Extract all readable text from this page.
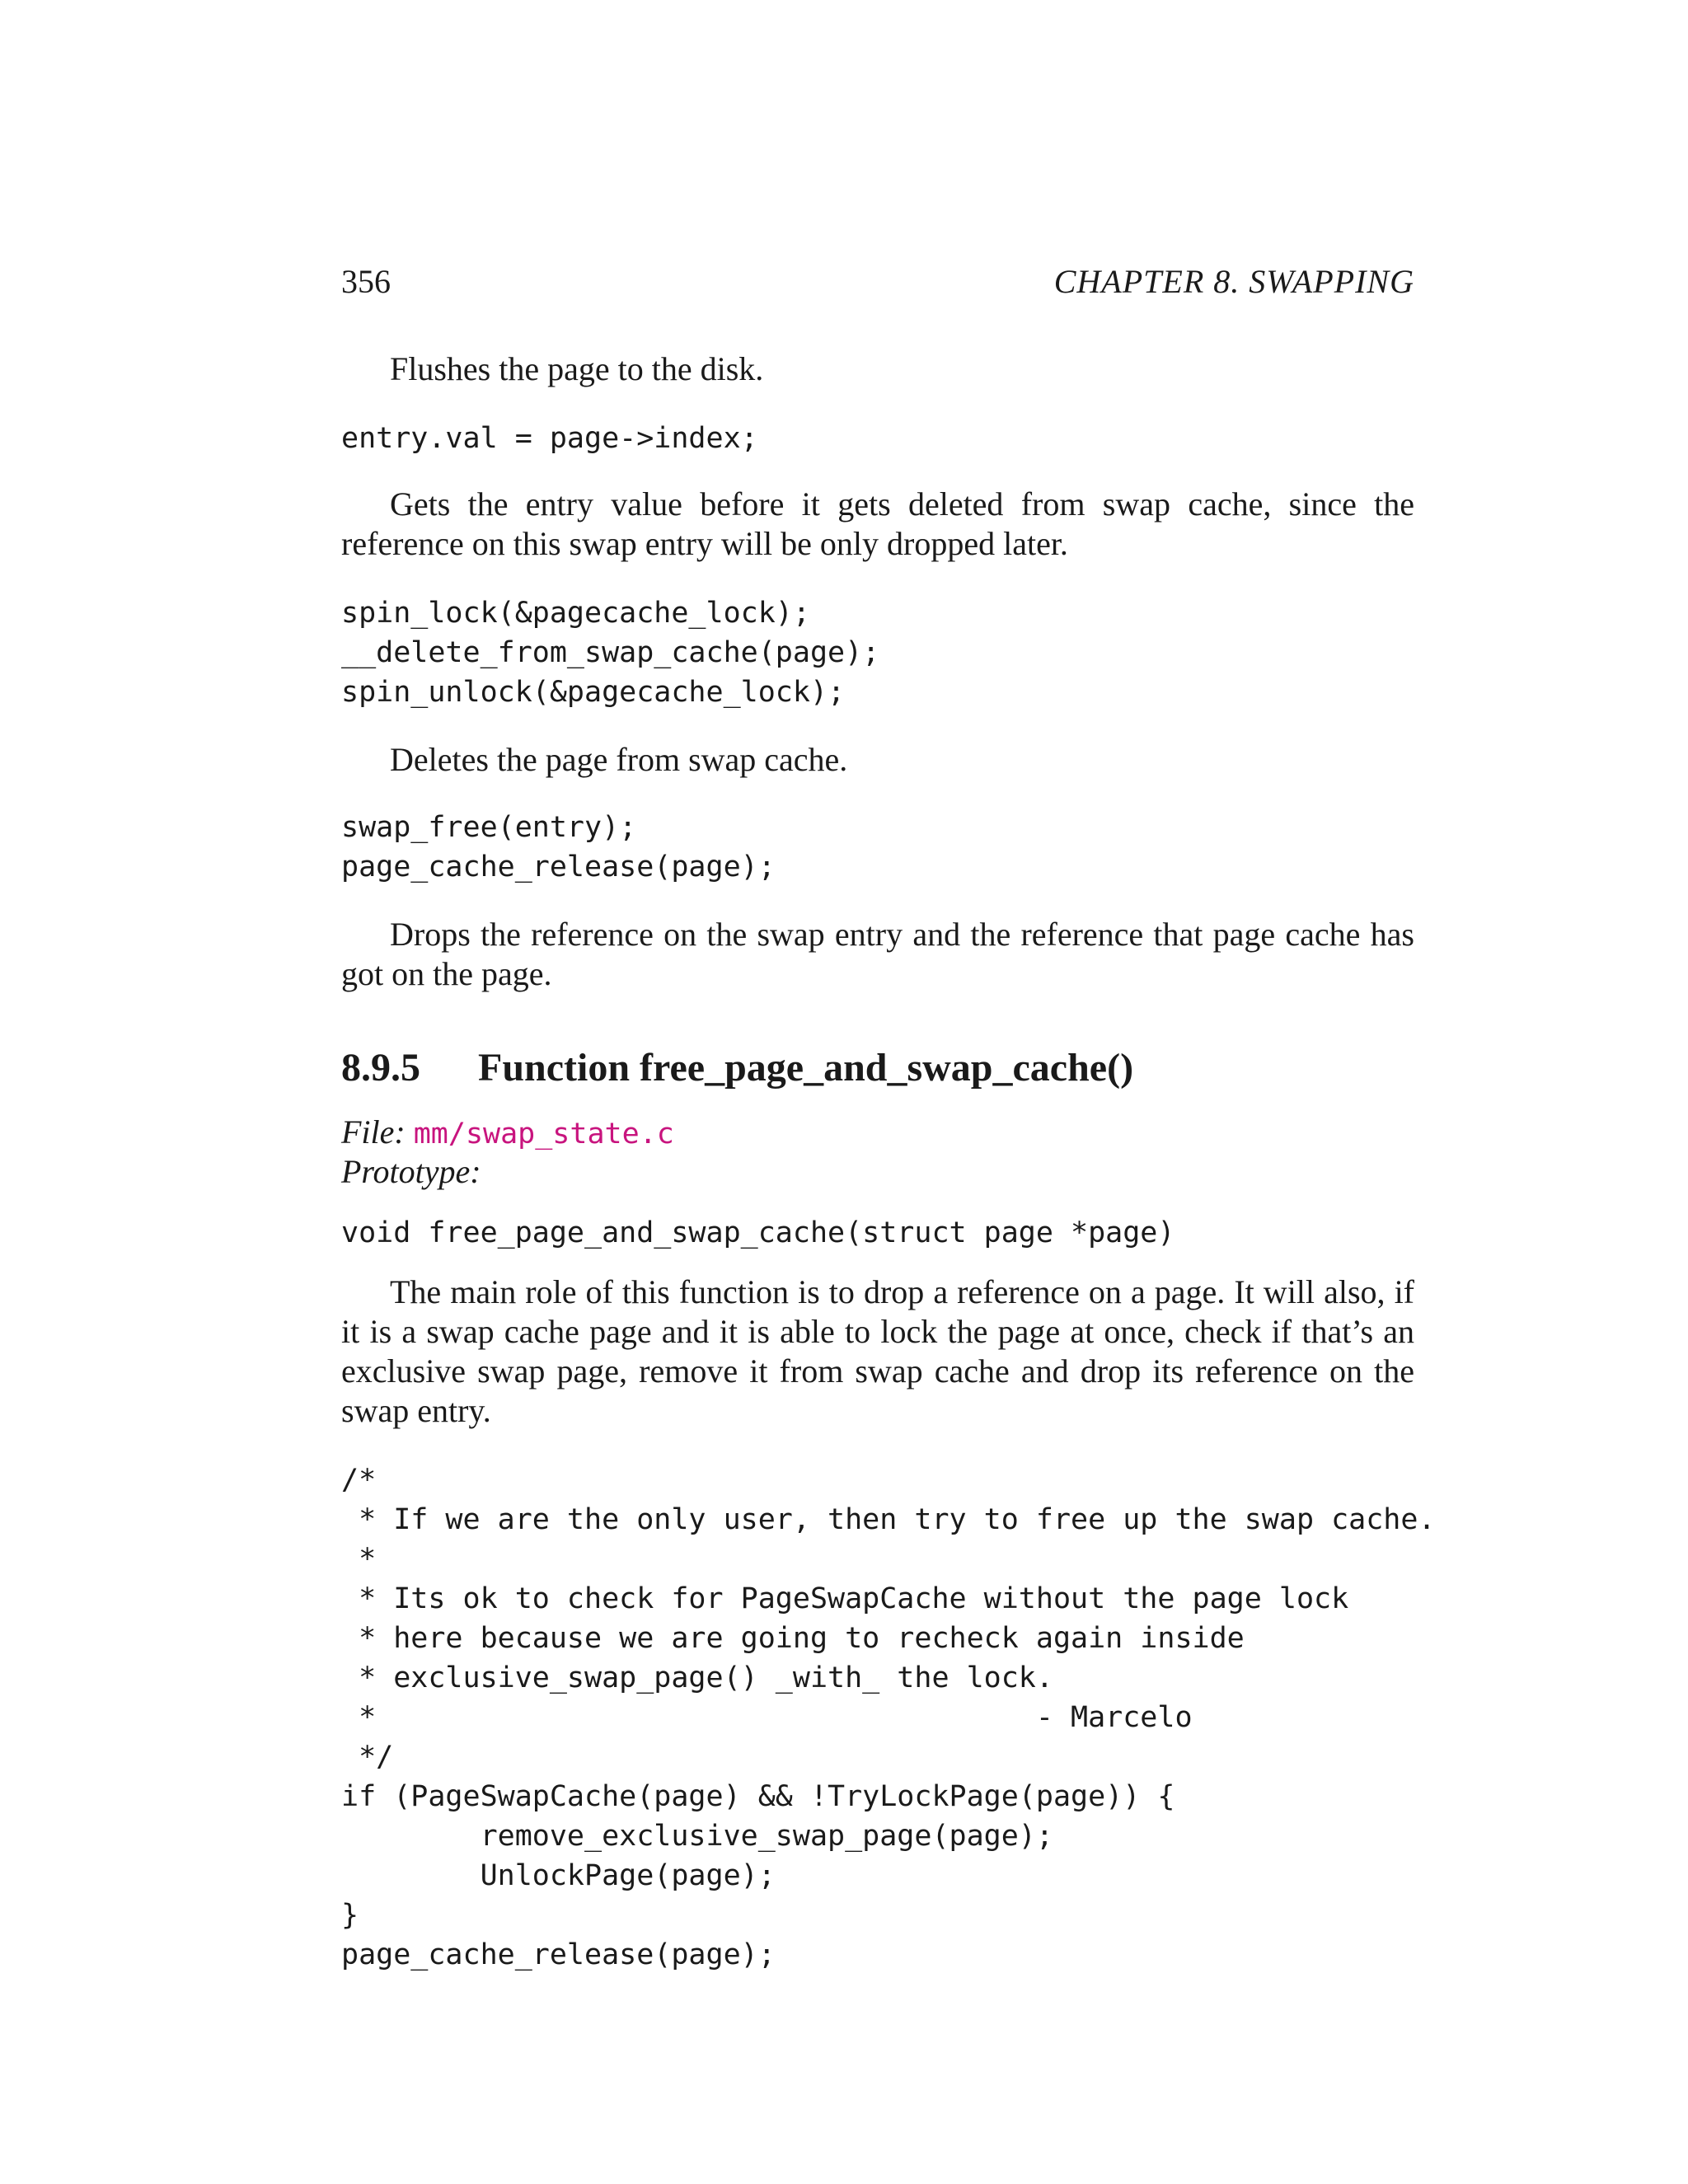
356	CHAPTER 8. SWAPPING
Flushes the page to the disk.
entry.val = page->index;
Gets the entry value before it gets deleted from swap cache, since the reference on this swap entry will be only dropped later.
spin_lock(&pagecache_lock);
__delete_from_swap_cache(page);
spin_unlock(&pagecache_lock);
Deletes the page from swap cache.
swap_free(entry);
page_cache_release(page);
Drops the reference on the swap entry and the reference that page cache has got on the page.
8.9.5 Function free_page_and_swap_cache()
File: mm/swap_state.c
Prototype:
void free_page_and_swap_cache(struct page *page)
The main role of this function is to drop a reference on a page. It will also, if it is a swap cache page and it is able to lock the page at once, check if that’s an exclusive swap page, remove it from swap cache and drop its reference on the swap entry.
/*
* If we are the only user, then try to free up the swap cache.
*
* Its ok to check for PageSwapCache without the page lock
* here because we are going to recheck again inside
* exclusive_swap_page() _with_ the lock.
*                                      - Marcelo
*/
if (PageSwapCache(page) && !TryLockPage(page)) {
remove_exclusive_swap_page(page);
UnlockPage(page);
}
page_cache_release(page);
